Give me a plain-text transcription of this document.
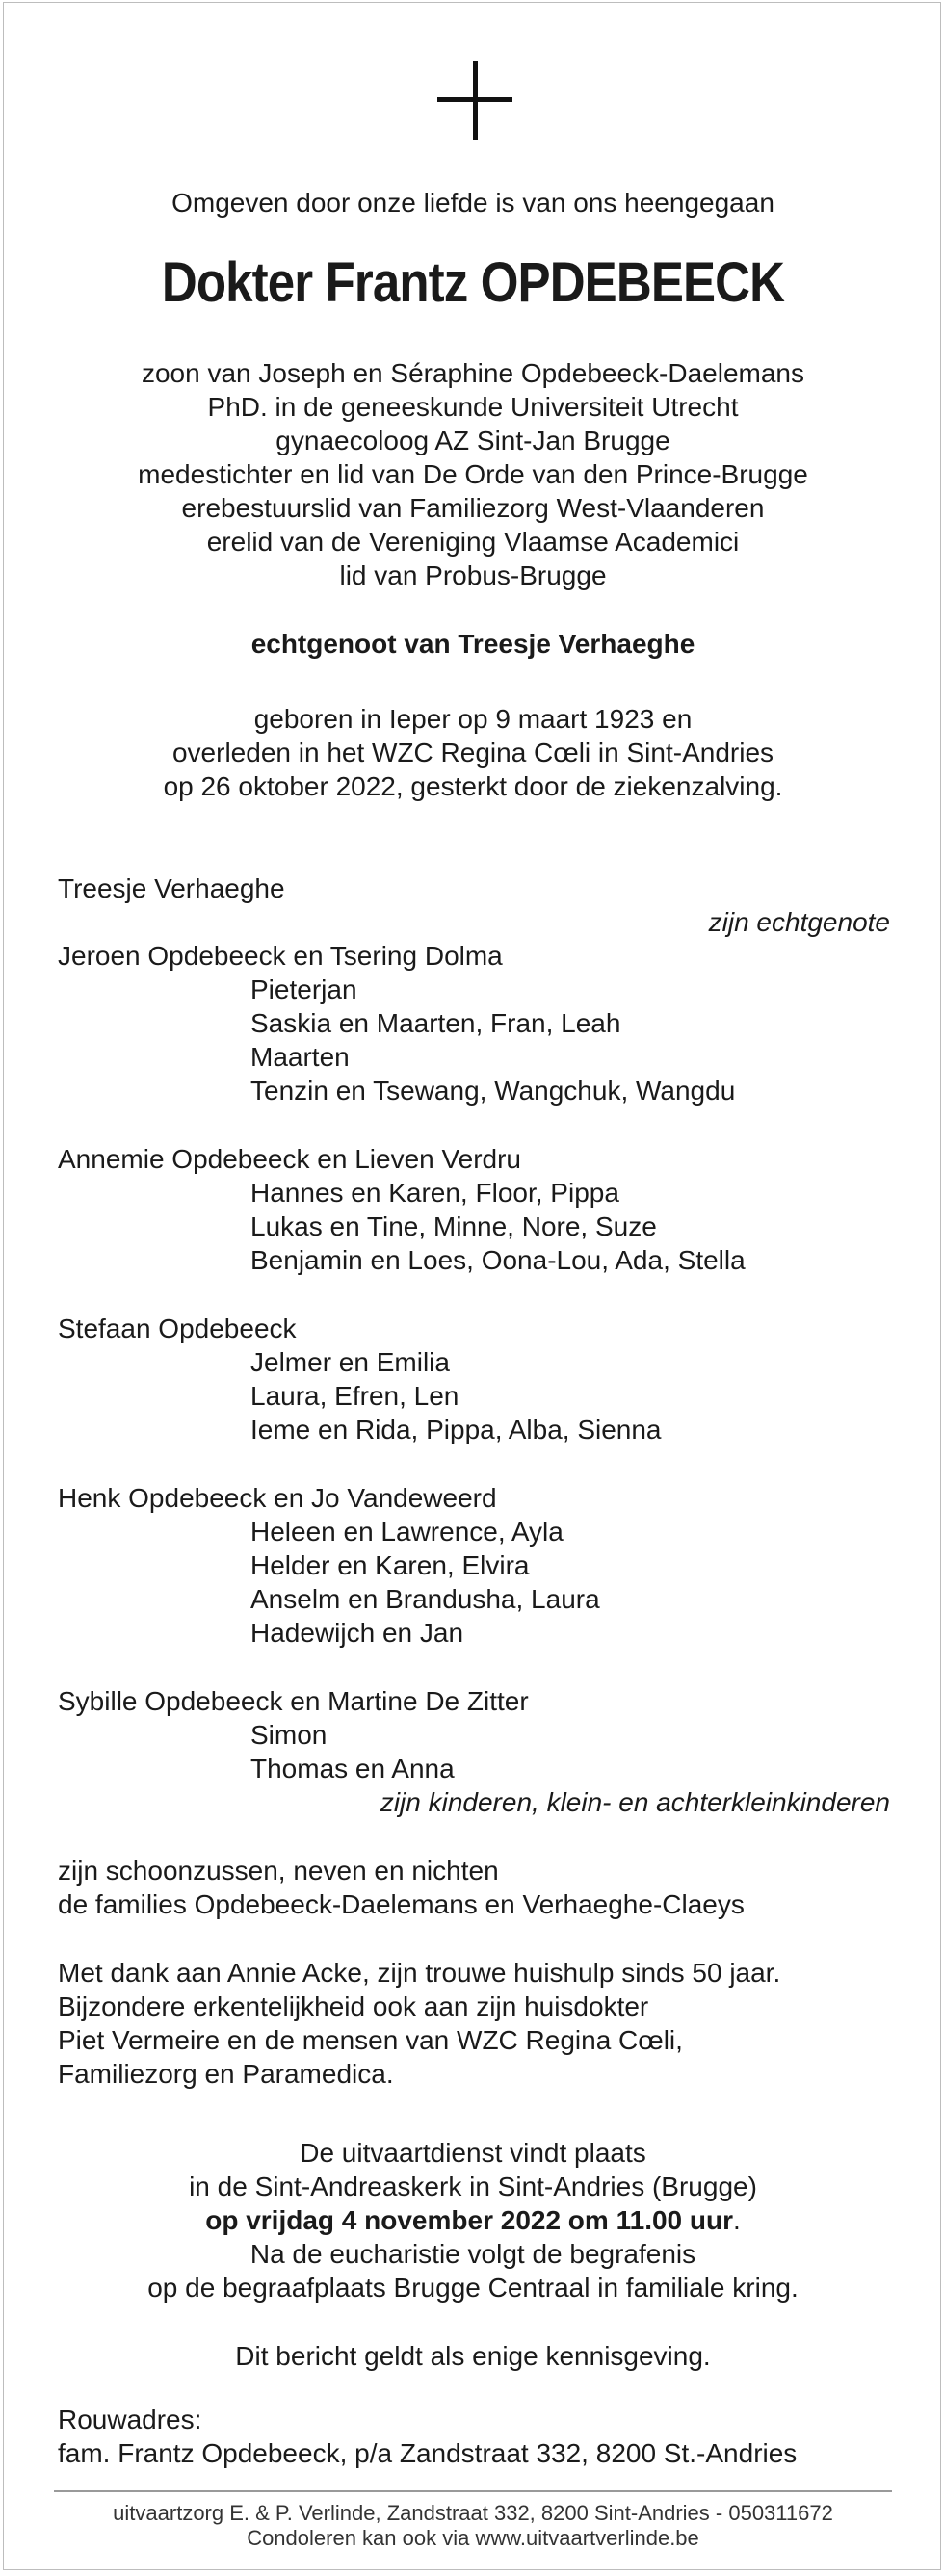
Omgeven door onze liefde is van ons heengegaan
Dokter Frantz OPDEBEECK
zoon van Joseph en Séraphine Opdebeeck-Daelemans
PhD. in de geneeskunde Universiteit Utrecht
gynaecoloog AZ Sint-Jan Brugge
medestichter en lid van De Orde van den Prince-Brugge
erebestuurslid van Familiezorg West-Vlaanderen
erelid van de Vereniging Vlaamse Academici
lid van Probus-Brugge
echtgenoot van Treesje Verhaeghe
geboren in Ieper op 9 maart 1923 en
overleden in het WZC Regina Cœli in Sint-Andries
op 26 oktober 2022, gesterkt door de ziekenzalving.
Treesje Verhaeghe
zijn echtgenote
Jeroen Opdebeeck en Tsering Dolma
Pieterjan
Saskia en Maarten, Fran, Leah
Maarten
Tenzin en Tsewang, Wangchuk, Wangdu
Annemie Opdebeeck en Lieven Verdru
Hannes en Karen, Floor, Pippa
Lukas en Tine, Minne, Nore, Suze
Benjamin en Loes, Oona-Lou, Ada, Stella
Stefaan Opdebeeck
Jelmer en Emilia
Laura, Efren, Len
Ieme en Rida, Pippa, Alba, Sienna
Henk Opdebeeck en Jo Vandeweerd
Heleen en Lawrence, Ayla
Helder en Karen, Elvira
Anselm en Brandusha, Laura
Hadewijch en Jan
Sybille Opdebeeck en Martine De Zitter
Simon
Thomas en Anna
zijn kinderen, klein- en achterkleinkinderen
zijn schoonzussen, neven en nichten
de families Opdebeeck-Daelemans en Verhaeghe-Claeys
Met dank aan Annie Acke, zijn trouwe huishulp sinds 50 jaar.
Bijzondere erkentelijkheid ook aan zijn huisdokter
Piet Vermeire en de mensen van WZC Regina Cœli,
Familiezorg en Paramedica.
De uitvaartdienst vindt plaats
in de Sint-Andreaskerk in Sint-Andries (Brugge)
op vrijdag 4 november 2022 om 11.00 uur.
Na de eucharistie volgt de begrafenis
op de begraafplaats Brugge Centraal in familiale kring.
Dit bericht geldt als enige kennisgeving.
Rouwadres:
fam. Frantz Opdebeeck, p/a Zandstraat 332, 8200 St.-Andries
uitvaartzorg E. & P. Verlinde, Zandstraat 332, 8200 Sint-Andries - 050311672
Condoleren kan ook via www.uitvaartverlinde.be
